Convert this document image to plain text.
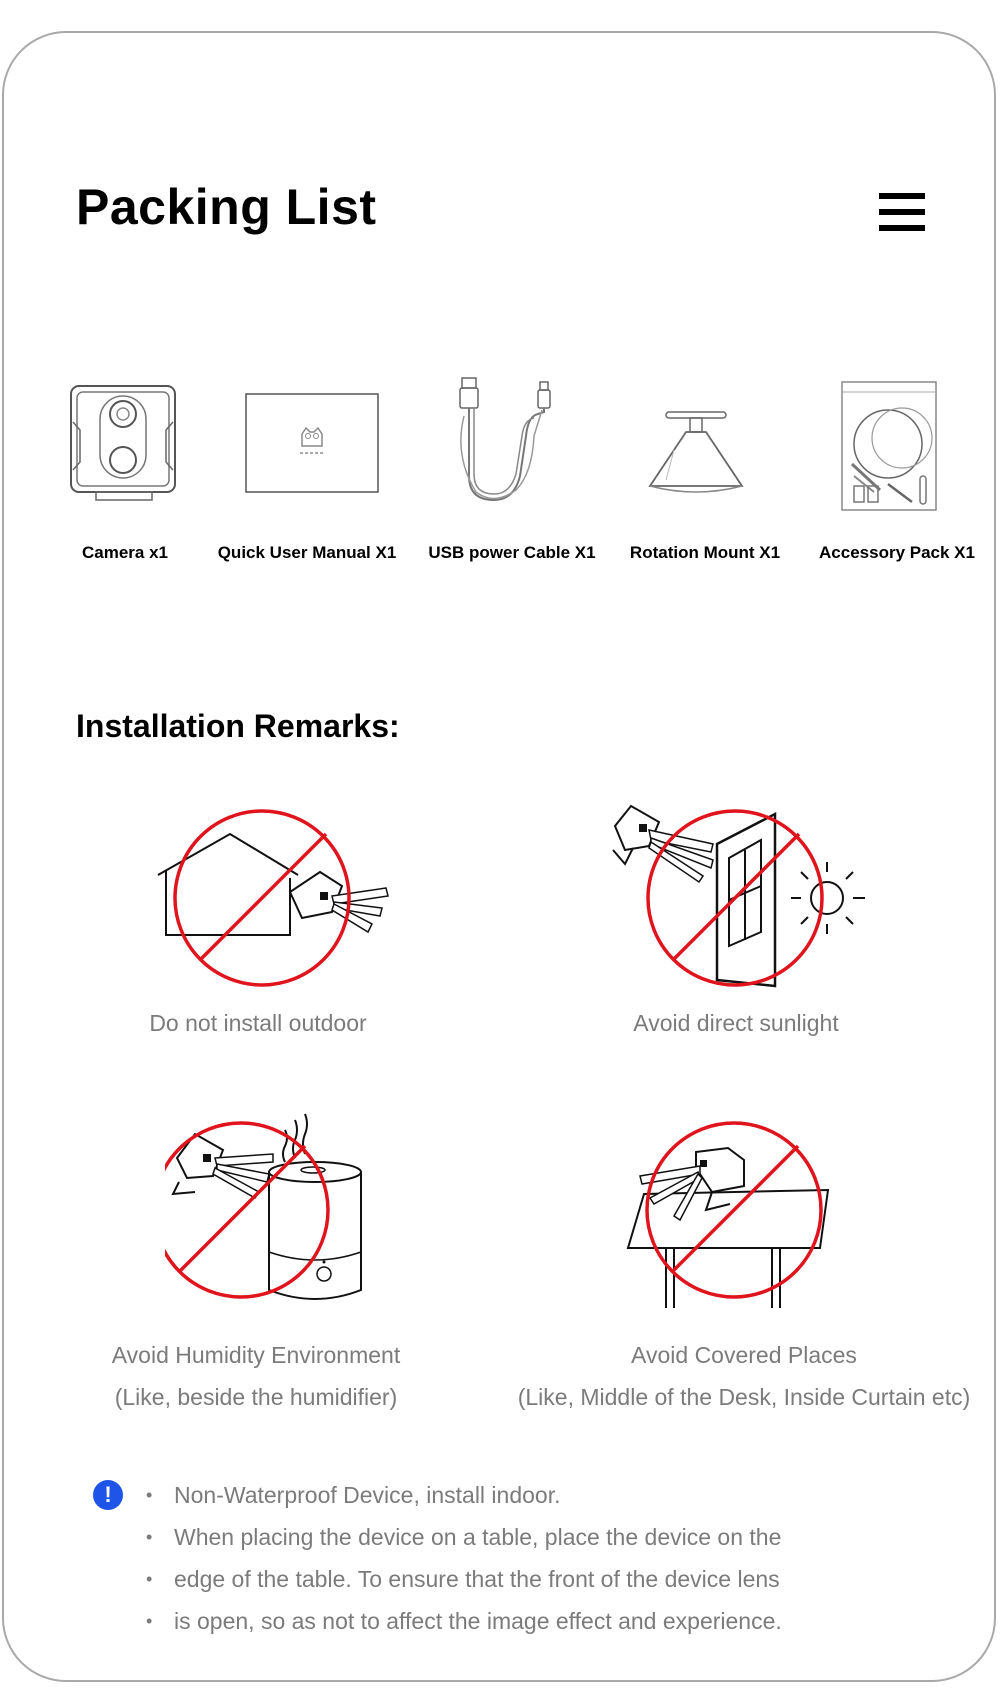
Packing List
Camera x1	Quick User Manual X1 USB power Cable X1 Rotation Mount X1 Accessory Pack X1
Installation Remarks:
Do not install outdoor	Avoid direct sunlight
Avoid Humidity Environment
(Like, beside the humidifier)
Avoid Covered Places
(Like, Middle of the Desk, Inside Curtain etc)
!	• Non-Waterproof Device, install indoor.
• When placing the device on a table, place the device on the
• edge of the table. To ensure that the front of the device lens
• is open, so as not to affect the image effect and experience.
